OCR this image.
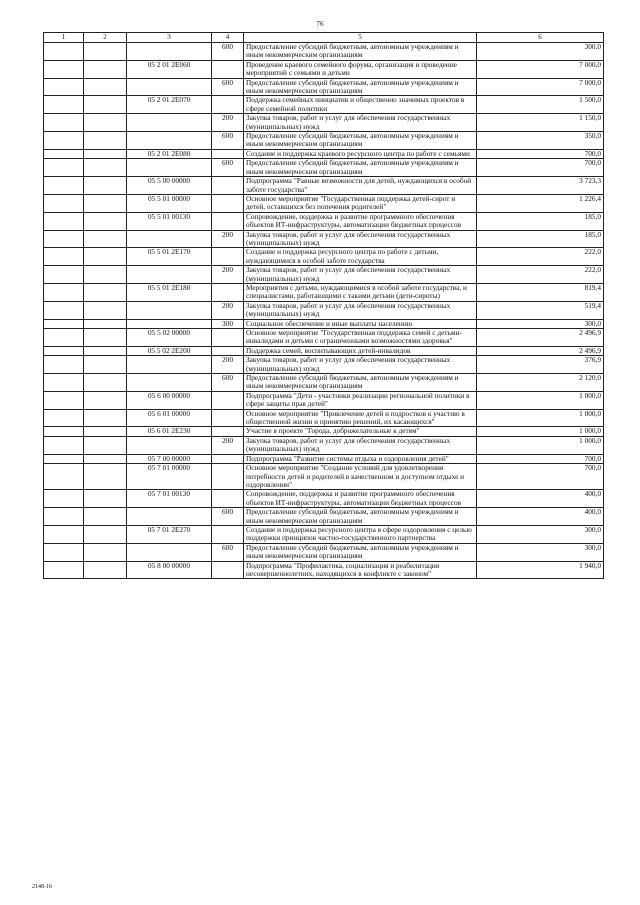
76
1	2	3	4	5	6
			600	Предоставление субсидий бюджетным, автономным учреждениям и иным некоммерческим организациям	300,0
		05 2 01 2Е060		Проведение краевого семейного форума, организация и проведение мероприятий с семьями и детьми	7 000,0
			600	Предоставление субсидий бюджетным, автономным учреждениям и иным некоммерческим организациям	7 000,0
		05 2 01 2Е070		Поддержка семейных инициатив и общественно значимых проектов в сфере семейной политики	1 500,0
			200	Закупка товаров, работ и услуг для обеспечения государственных (муниципальных) нужд	1 150,0
			600	Предоставление субсидий бюджетным, автономным учреждениям и иным некоммерческим организациям	350,0
		05 2 01 2Е080		Создание и поддержка краевого ресурсного центра по работе с семьями	700,0
			600	Предоставление субсидий бюджетным, автономным учреждениям и иным некоммерческим организациям	700,0
		05 5 00 00000		Подпрограмма "Равные возможности для детей, нуждающихся в особой заботе государства"	3 723,3
		05 5 01 00000		Основное мероприятие "Государственная поддержка детей-сирот и детей, оставшихся без попечения родителей"	1 226,4
		05 5 01 00130		Сопровождение, поддержка и развитие программного обеспечения объектов ИТ-инфраструктуры, автоматизации бюджетных процессов	185,0
			200	Закупка товаров, работ и услуг для обеспечения государственных (муниципальных) нужд	185,0
		05 5 01 2Е170		Создание и поддержка ресурсного центра по работе с детьми, нуждающимися в особой заботе государства	222,0
			200	Закупка товаров, работ и услуг для обеспечения государственных (муниципальных) нужд	222,0
		05 5 01 2Е180		Мероприятия с детьми, нуждающимися в особой заботе государства, и специалистами, работающими с такими детьми (дети-сироты)	819,4
			200	Закупка товаров, работ и услуг для обеспечения государственных (муниципальных) нужд	519,4
			300	Социальное обеспечение и иные выплаты населению	300,0
		05 5 02 00000		Основное мероприятие "Государственная поддержка семей с детьми-инвалидами и детьми с ограниченными возможностями здоровья"	2 496,9
		05 5 02 2Е200		Поддержка семей, воспитывающих детей-инвалидов	2 496,9
			200	Закупка товаров, работ и услуг для обеспечения государственных (муниципальных) нужд	376,9
			600	Предоставление субсидий бюджетным, автономным учреждениям и иным некоммерческим организациям	2 120,0
		05 6 00 00000		Подпрограмма "Дети - участники реализации региональной политики в сфере защиты прав детей"	1 000,0
		05 6 01 00000		Основное мероприятие "Привлечение детей и подростков к участию в общественной жизни и принятию решений, их касающихся"	1 000,0
		05 6 01 2Е230		Участие в проекте "Города, доброжелательные к детям"	1 000,0
			200	Закупка товаров, работ и услуг для обеспечения государственных (муниципальных) нужд	1 000,0
		05 7 00 00000		Подпрограмма "Развитие системы отдыха и оздоровления детей"	700,0
		05 7 01 00000		Основное мероприятие "Создание условий для удовлетворения потребности детей и родителей в качественном и доступном отдыхе и оздоровлении"	700,0
		05 7 01 00130		Сопровождение, поддержка и развитие программного обеспечения объектов ИТ-инфраструктуры, автоматизации бюджетных процессов	400,0
			600	Предоставление субсидий бюджетным, автономным учреждениям и иным некоммерческим организациям	400,0
		05 7 01 2Е270		Создание и поддержка ресурсного центра в сфере оздоровления с целью поддержки принципов частно-государственного партнерства	300,0
			600	Предоставление субсидий бюджетным, автономным учреждениям и иным некоммерческим организациям	300,0
		05 8 00 00000		Подпрограмма "Профилактика, социализация и реабилитация несовершеннолетних, находящихся в конфликте с законом"	1 940,0
2148-16
